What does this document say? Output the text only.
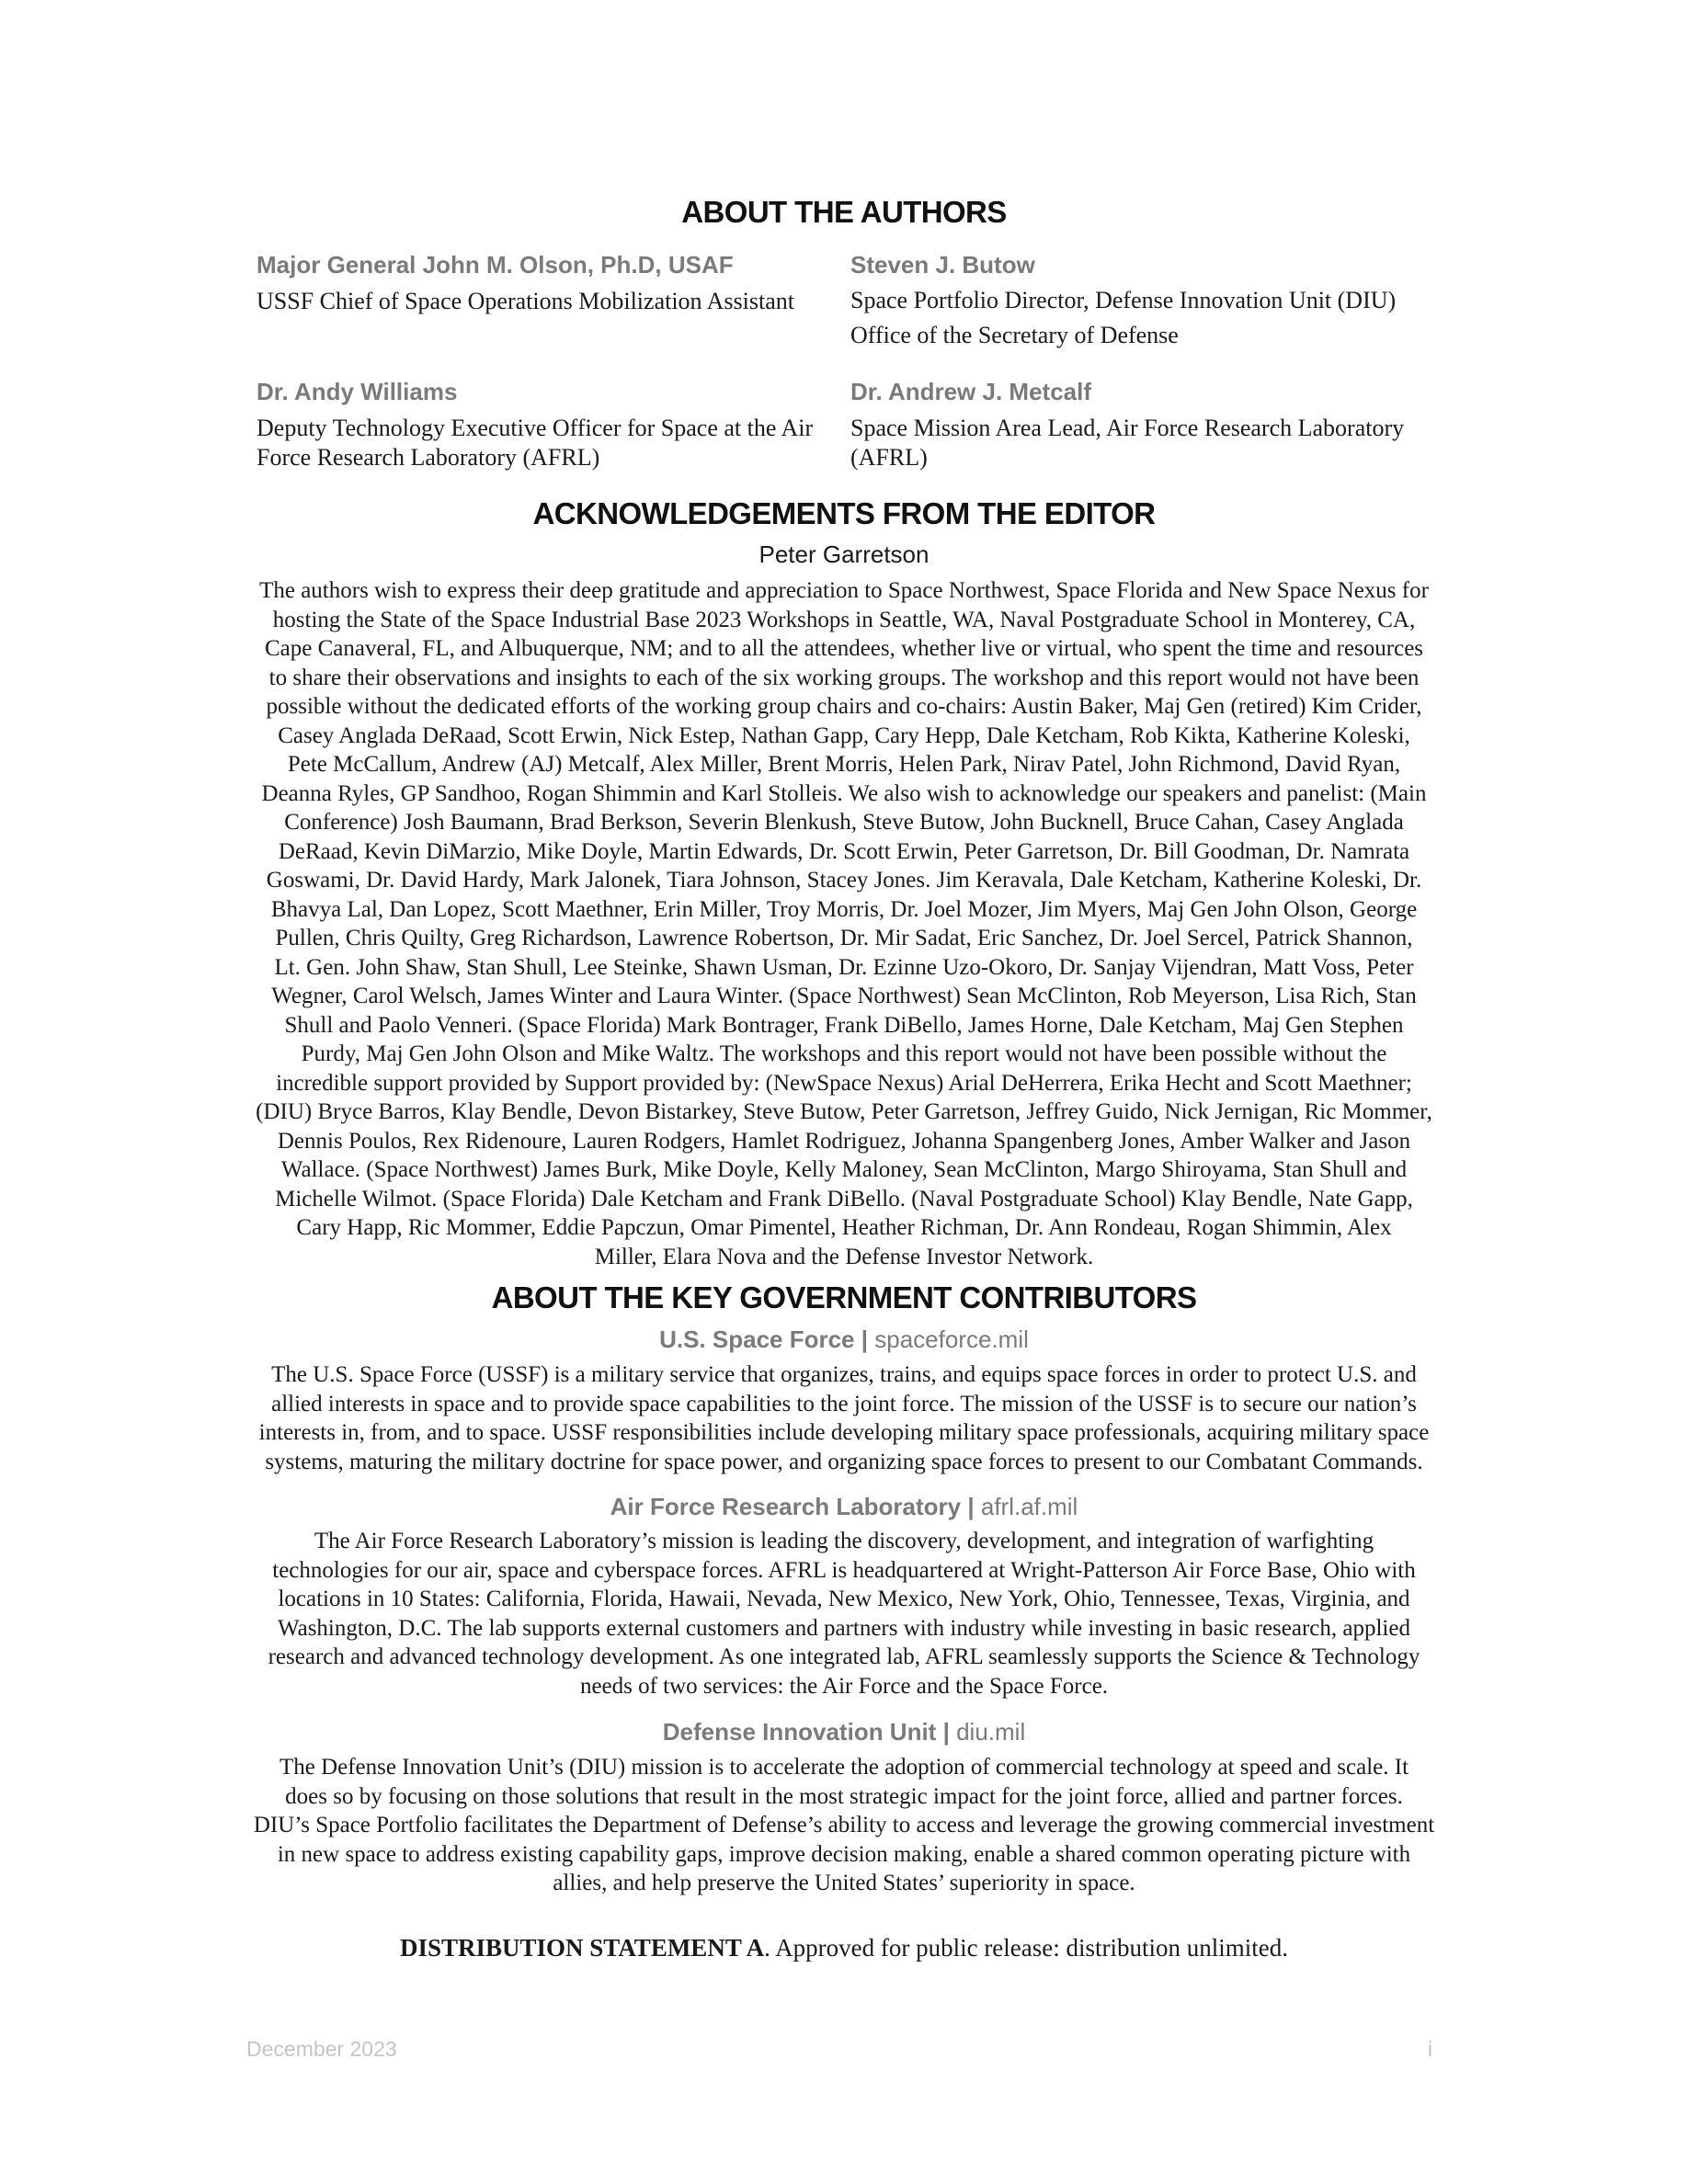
ABOUT THE AUTHORS

Major General John M. Olson, Ph.D, USAF

USSF Chief of Space Operations Mobilization Assistant

Steven J. Butow

Space Portfolio Director, Defense Innovation Unit (DIU)
Office of the Secretary of Defense

Dr. Andy Williams

Deputy Technology Executive Officer for Space at the Air
Force Research Laboratory (AFRL)

Dr. Andrew J. Metcalf

Space Mission Area Lead, Air Force Research Laboratory
(AFRL)

ACKNOWLEDGEMENTS FROM THE EDITOR

Peter Garretson

The authors wish to express their deep gratitude and appreciation to Space Northwest, Space Florida and New Space Nexus for
hosting the State of the Space Industrial Base 2023 Workshops in Seattle, WA, Naval Postgraduate School in Monterey, CA,
Cape Canaveral, FL, and Albuquerque, NM; and to all the attendees, whether live or virtual, who spent the time and resources
to share their observations and insights to each of the six working groups. The workshop and this report would not have been
possible without the dedicated efforts of the working group chairs and co-chairs: Austin Baker, Maj Gen (retired) Kim Crider,
Casey Anglada DeRaad, Scott Erwin, Nick Estep, Nathan Gapp, Cary Hepp, Dale Ketcham, Rob Kikta, Katherine Koleski,
Pete McCallum, Andrew (AJ) Metcalf, Alex Miller, Brent Morris, Helen Park, Nirav Patel, John Richmond, David Ryan,
Deanna Ryles, GP Sandhoo, Rogan Shimmin and Karl Stolleis. We also wish to acknowledge our speakers and panelist: (Main
Conference) Josh Baumann, Brad Berkson, Severin Blenkush, Steve Butow, John Bucknell, Bruce Cahan, Casey Anglada
DeRaad, Kevin DiMarzio, Mike Doyle, Martin Edwards, Dr. Scott Erwin, Peter Garretson, Dr. Bill Goodman, Dr. Namrata
Goswami, Dr. David Hardy, Mark Jalonek, Tiara Johnson, Stacey Jones. Jim Keravala, Dale Ketcham, Katherine Koleski, Dr.
Bhavya Lal, Dan Lopez, Scott Maethner, Erin Miller, Troy Morris, Dr. Joel Mozer, Jim Myers, Maj Gen John Olson, George
Pullen, Chris Quilty, Greg Richardson, Lawrence Robertson, Dr. Mir Sadat, Eric Sanchez, Dr. Joel Sercel, Patrick Shannon,
Lt. Gen. John Shaw, Stan Shull, Lee Steinke, Shawn Usman, Dr. Ezinne Uzo-Okoro, Dr. Sanjay Vijendran, Matt Voss, Peter
Wegner, Carol Welsch, James Winter and Laura Winter. (Space Northwest) Sean McClinton, Rob Meyerson, Lisa Rich, Stan
Shull and Paolo Venneri. (Space Florida) Mark Bontrager, Frank DiBello, James Horne, Dale Ketcham, Maj Gen Stephen
Purdy, Maj Gen John Olson and Mike Waltz. The workshops and this report would not have been possible without the
incredible support provided by Support provided by: (NewSpace Nexus) Arial DeHerrera, Erika Hecht and Scott Maethner;
(DIU) Bryce Barros, Klay Bendle, Devon Bistarkey, Steve Butow, Peter Garretson, Jeffrey Guido, Nick Jernigan, Ric Mommer,
Dennis Poulos, Rex Ridenoure, Lauren Rodgers, Hamlet Rodriguez, Johanna Spangenberg Jones, Amber Walker and Jason
Wallace. (Space Northwest) James Burk, Mike Doyle, Kelly Maloney, Sean McClinton, Margo Shiroyama, Stan Shull and
Michelle Wilmot. (Space Florida) Dale Ketcham and Frank DiBello. (Naval Postgraduate School) Klay Bendle, Nate Gapp,
Cary Happ, Ric Mommer, Eddie Papczun, Omar Pimentel, Heather Richman, Dr. Ann Rondeau, Rogan Shimmin, Alex
Miller, Elara Nova and the Defense Investor Network.

ABOUT THE KEY GOVERNMENT CONTRIBUTORS

U.S. Space Force | spaceforce.mil

The U.S. Space Force (USSF) is a military service that organizes, trains, and equips space forces in order to protect U.S. and
allied interests in space and to provide space capabilities to the joint force. The mission of the USSF is to secure our nation’s
interests in, from, and to space. USSF responsibilities include developing military space professionals, acquiring military space
systems, maturing the military doctrine for space power, and organizing space forces to present to our Combatant Commands.

Air Force Research Laboratory | afrl.af.mil

The Air Force Research Laboratory’s mission is leading the discovery, development, and integration of warfighting
technologies for our air, space and cyberspace forces. AFRL is headquartered at Wright-Patterson Air Force Base, Ohio with
locations in 10 States: California, Florida, Hawaii, Nevada, New Mexico, New York, Ohio, Tennessee, Texas, Virginia, and
Washington, D.C. The lab supports external customers and partners with industry while investing in basic research, applied
research and advanced technology development. As one integrated lab, AFRL seamlessly supports the Science & Technology
needs of two services: the Air Force and the Space Force.

Defense Innovation Unit | diu.mil

The Defense Innovation Unit’s (DIU) mission is to accelerate the adoption of commercial technology at speed and scale. It
does so by focusing on those solutions that result in the most strategic impact for the joint force, allied and partner forces.
DIU’s Space Portfolio facilitates the Department of Defense’s ability to access and leverage the growing commercial investment
in new space to address existing capability gaps, improve decision making, enable a shared common operating picture with
allies, and help preserve the United States’ superiority in space.

DISTRIBUTION STATEMENT A. Approved for public release: distribution unlimited.

December 2023	i
